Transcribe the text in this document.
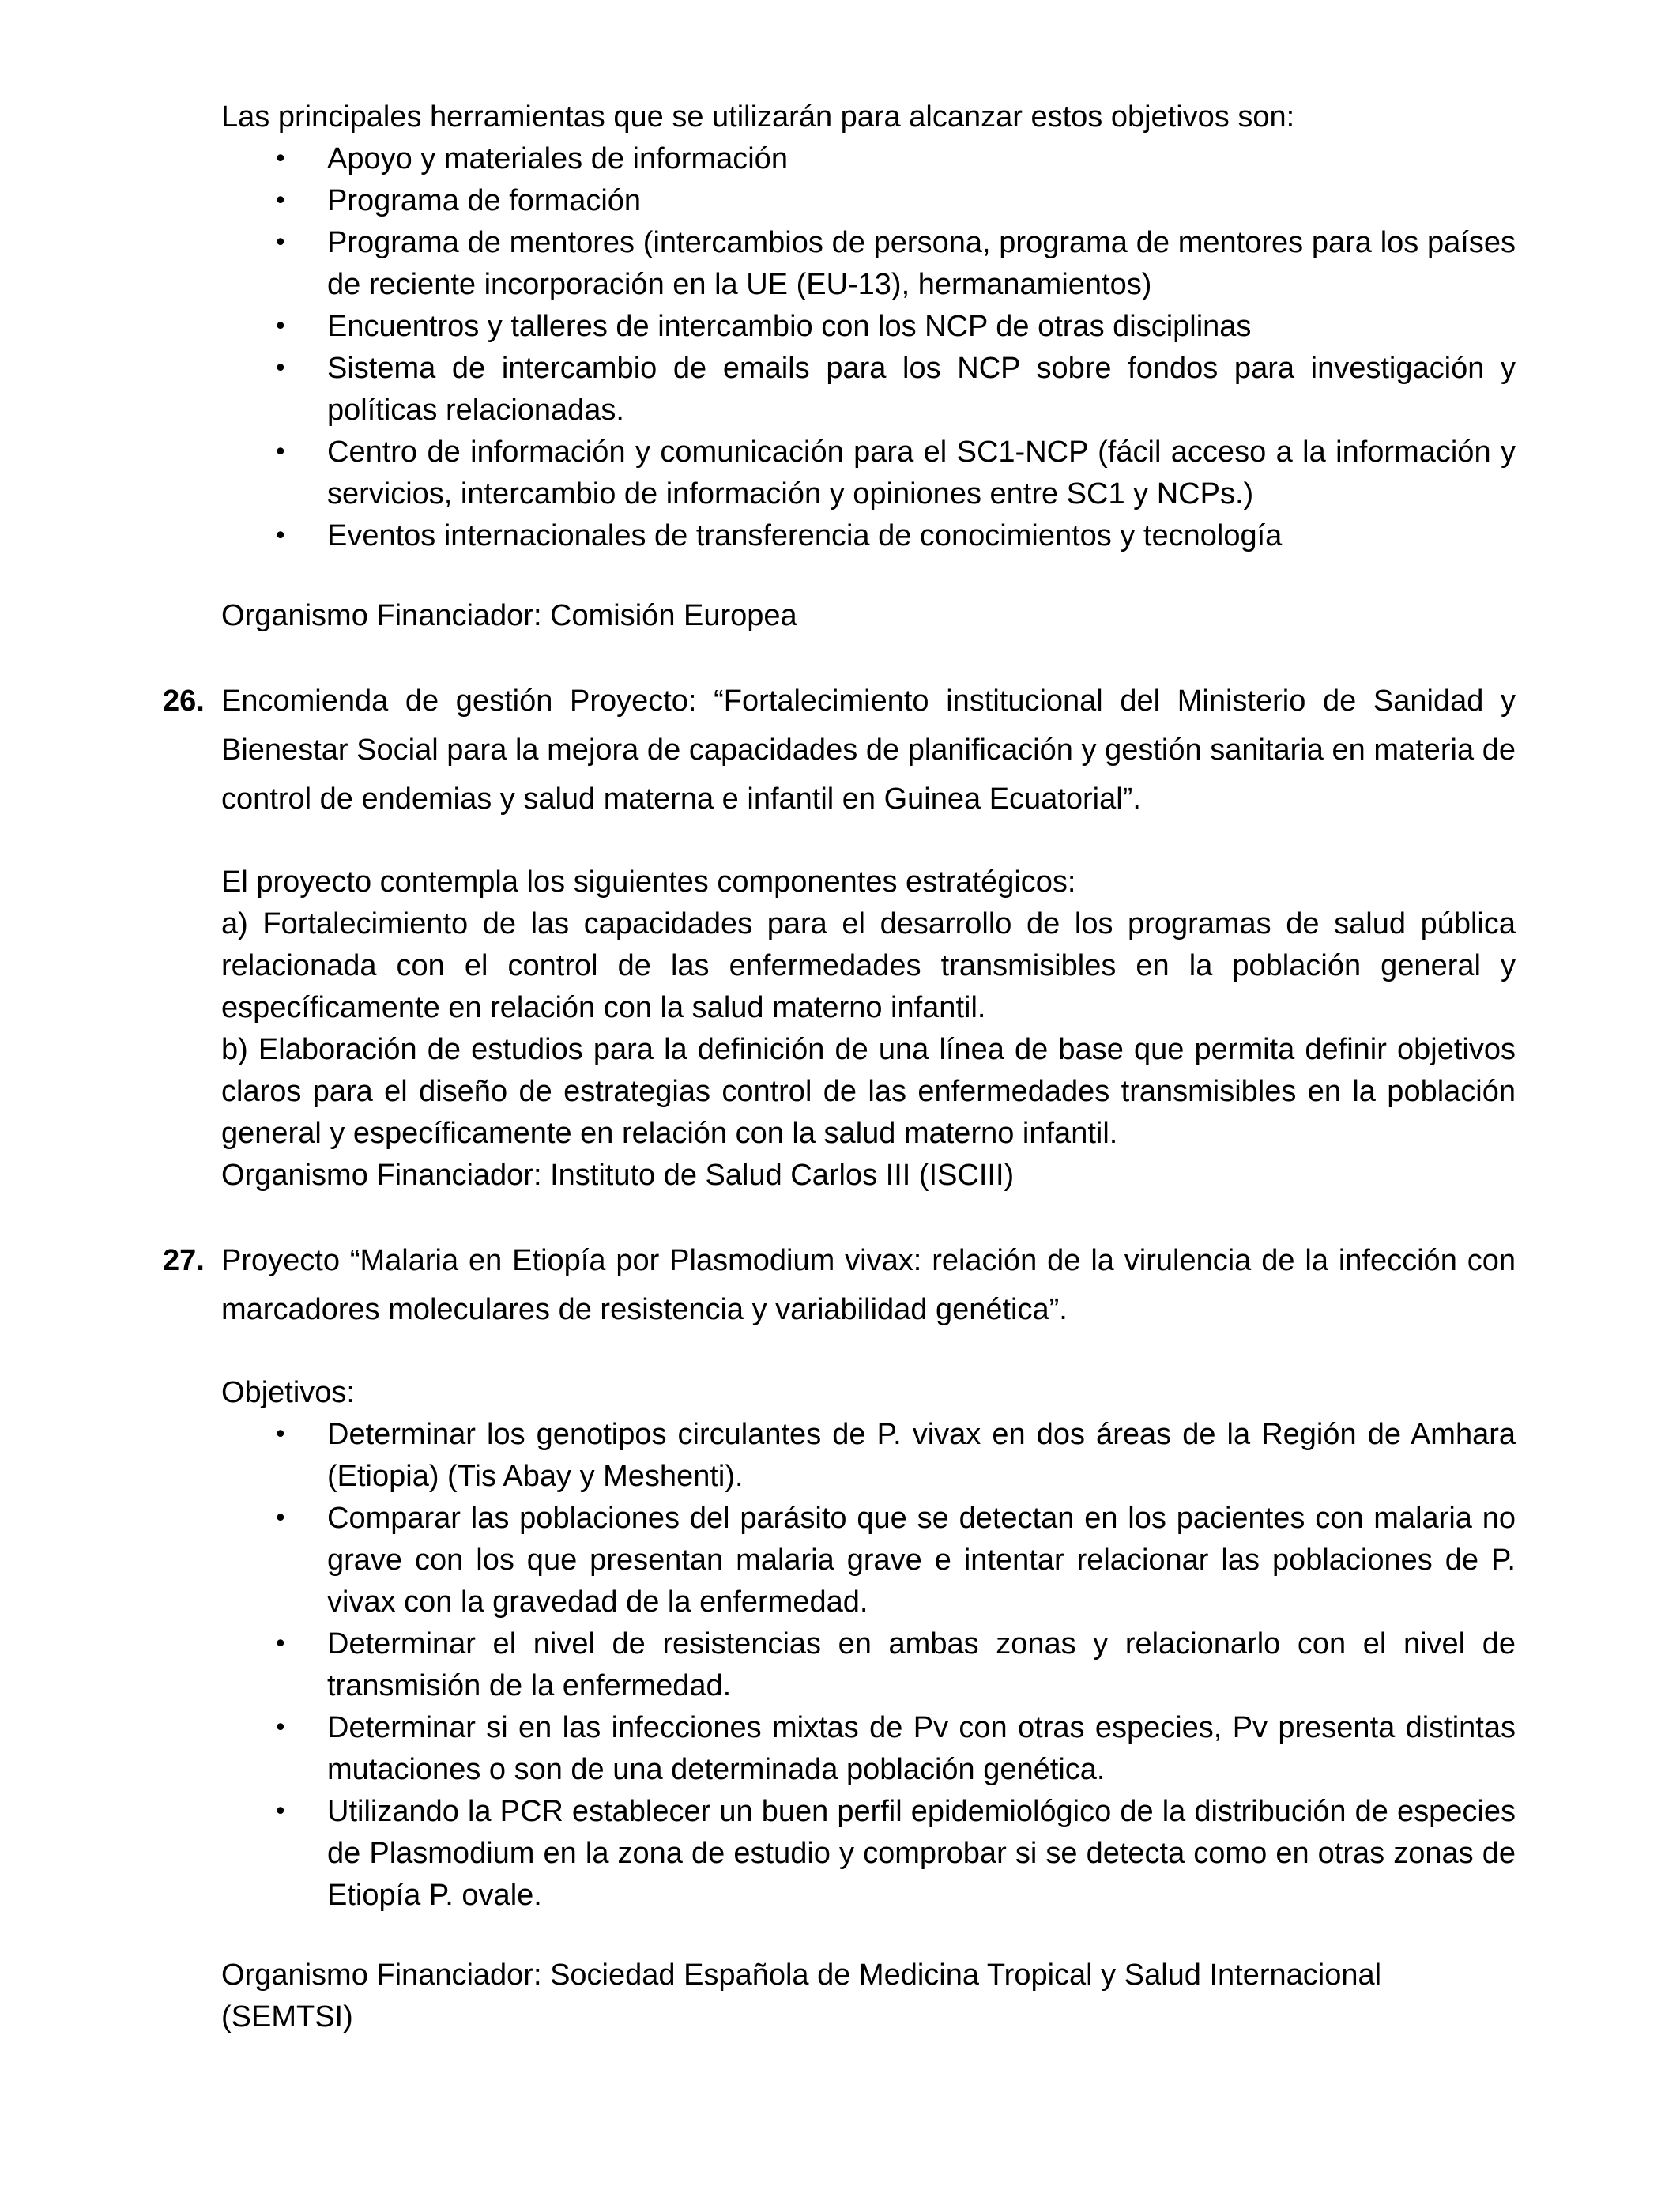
Las principales herramientas que se utilizarán para alcanzar estos objetivos son:

• Apoyo y materiales de información
• Programa de formación
• Programa de mentores (intercambios de persona, programa de mentores para los países de reciente incorporación en la UE (EU-13), hermanamientos)
• Encuentros y talleres de intercambio con los NCP de otras disciplinas
• Sistema de intercambio de emails para los NCP sobre fondos para investigación y políticas relacionadas.
• Centro de información y comunicación para el SC1-NCP (fácil acceso a la información y servicios, intercambio de información y opiniones entre SC1 y NCPs.)
• Eventos internacionales de transferencia de conocimientos y tecnología

Organismo Financiador: Comisión Europea

26. Encomienda de gestión Proyecto: “Fortalecimiento institucional del Ministerio de Sanidad y Bienestar Social para la mejora de capacidades de planificación y gestión sanitaria en materia de control de endemias y salud materna e infantil en Guinea Ecuatorial”.

El proyecto contempla los siguientes componentes estratégicos:

a) Fortalecimiento de las capacidades para el desarrollo de los programas de salud pública relacionada con el control de las enfermedades transmisibles en la población general y específicamente en relación con la salud materno infantil.

b) Elaboración de estudios para la definición de una línea de base que permita definir objetivos claros para el diseño de estrategias control de las enfermedades transmisibles en la población general y específicamente en relación con la salud materno infantil.

Organismo Financiador: Instituto de Salud Carlos III (ISCIII)

27. Proyecto “Malaria en Etiopía por Plasmodium vivax: relación de la virulencia de la infección con marcadores moleculares de resistencia y variabilidad genética”.

Objetivos:

• Determinar los genotipos circulantes de P. vivax en dos áreas de la Región de Amhara (Etiopia) (Tis Abay y Meshenti).
• Comparar las poblaciones del parásito que se detectan en los pacientes con malaria no grave con los que presentan malaria grave e intentar relacionar las poblaciones de P. vivax con la gravedad de la enfermedad.
• Determinar el nivel de resistencias en ambas zonas y relacionarlo con el nivel de transmisión de la enfermedad.
• Determinar si en las infecciones mixtas de Pv con otras especies, Pv presenta distintas mutaciones o son de una determinada población genética.
• Utilizando la PCR establecer un buen perfil epidemiológico de la distribución de especies de Plasmodium en la zona de estudio y comprobar si se detecta como en otras zonas de Etiopía P. ovale.

Organismo Financiador: Sociedad Española de Medicina Tropical y Salud Internacional (SEMTSI)
